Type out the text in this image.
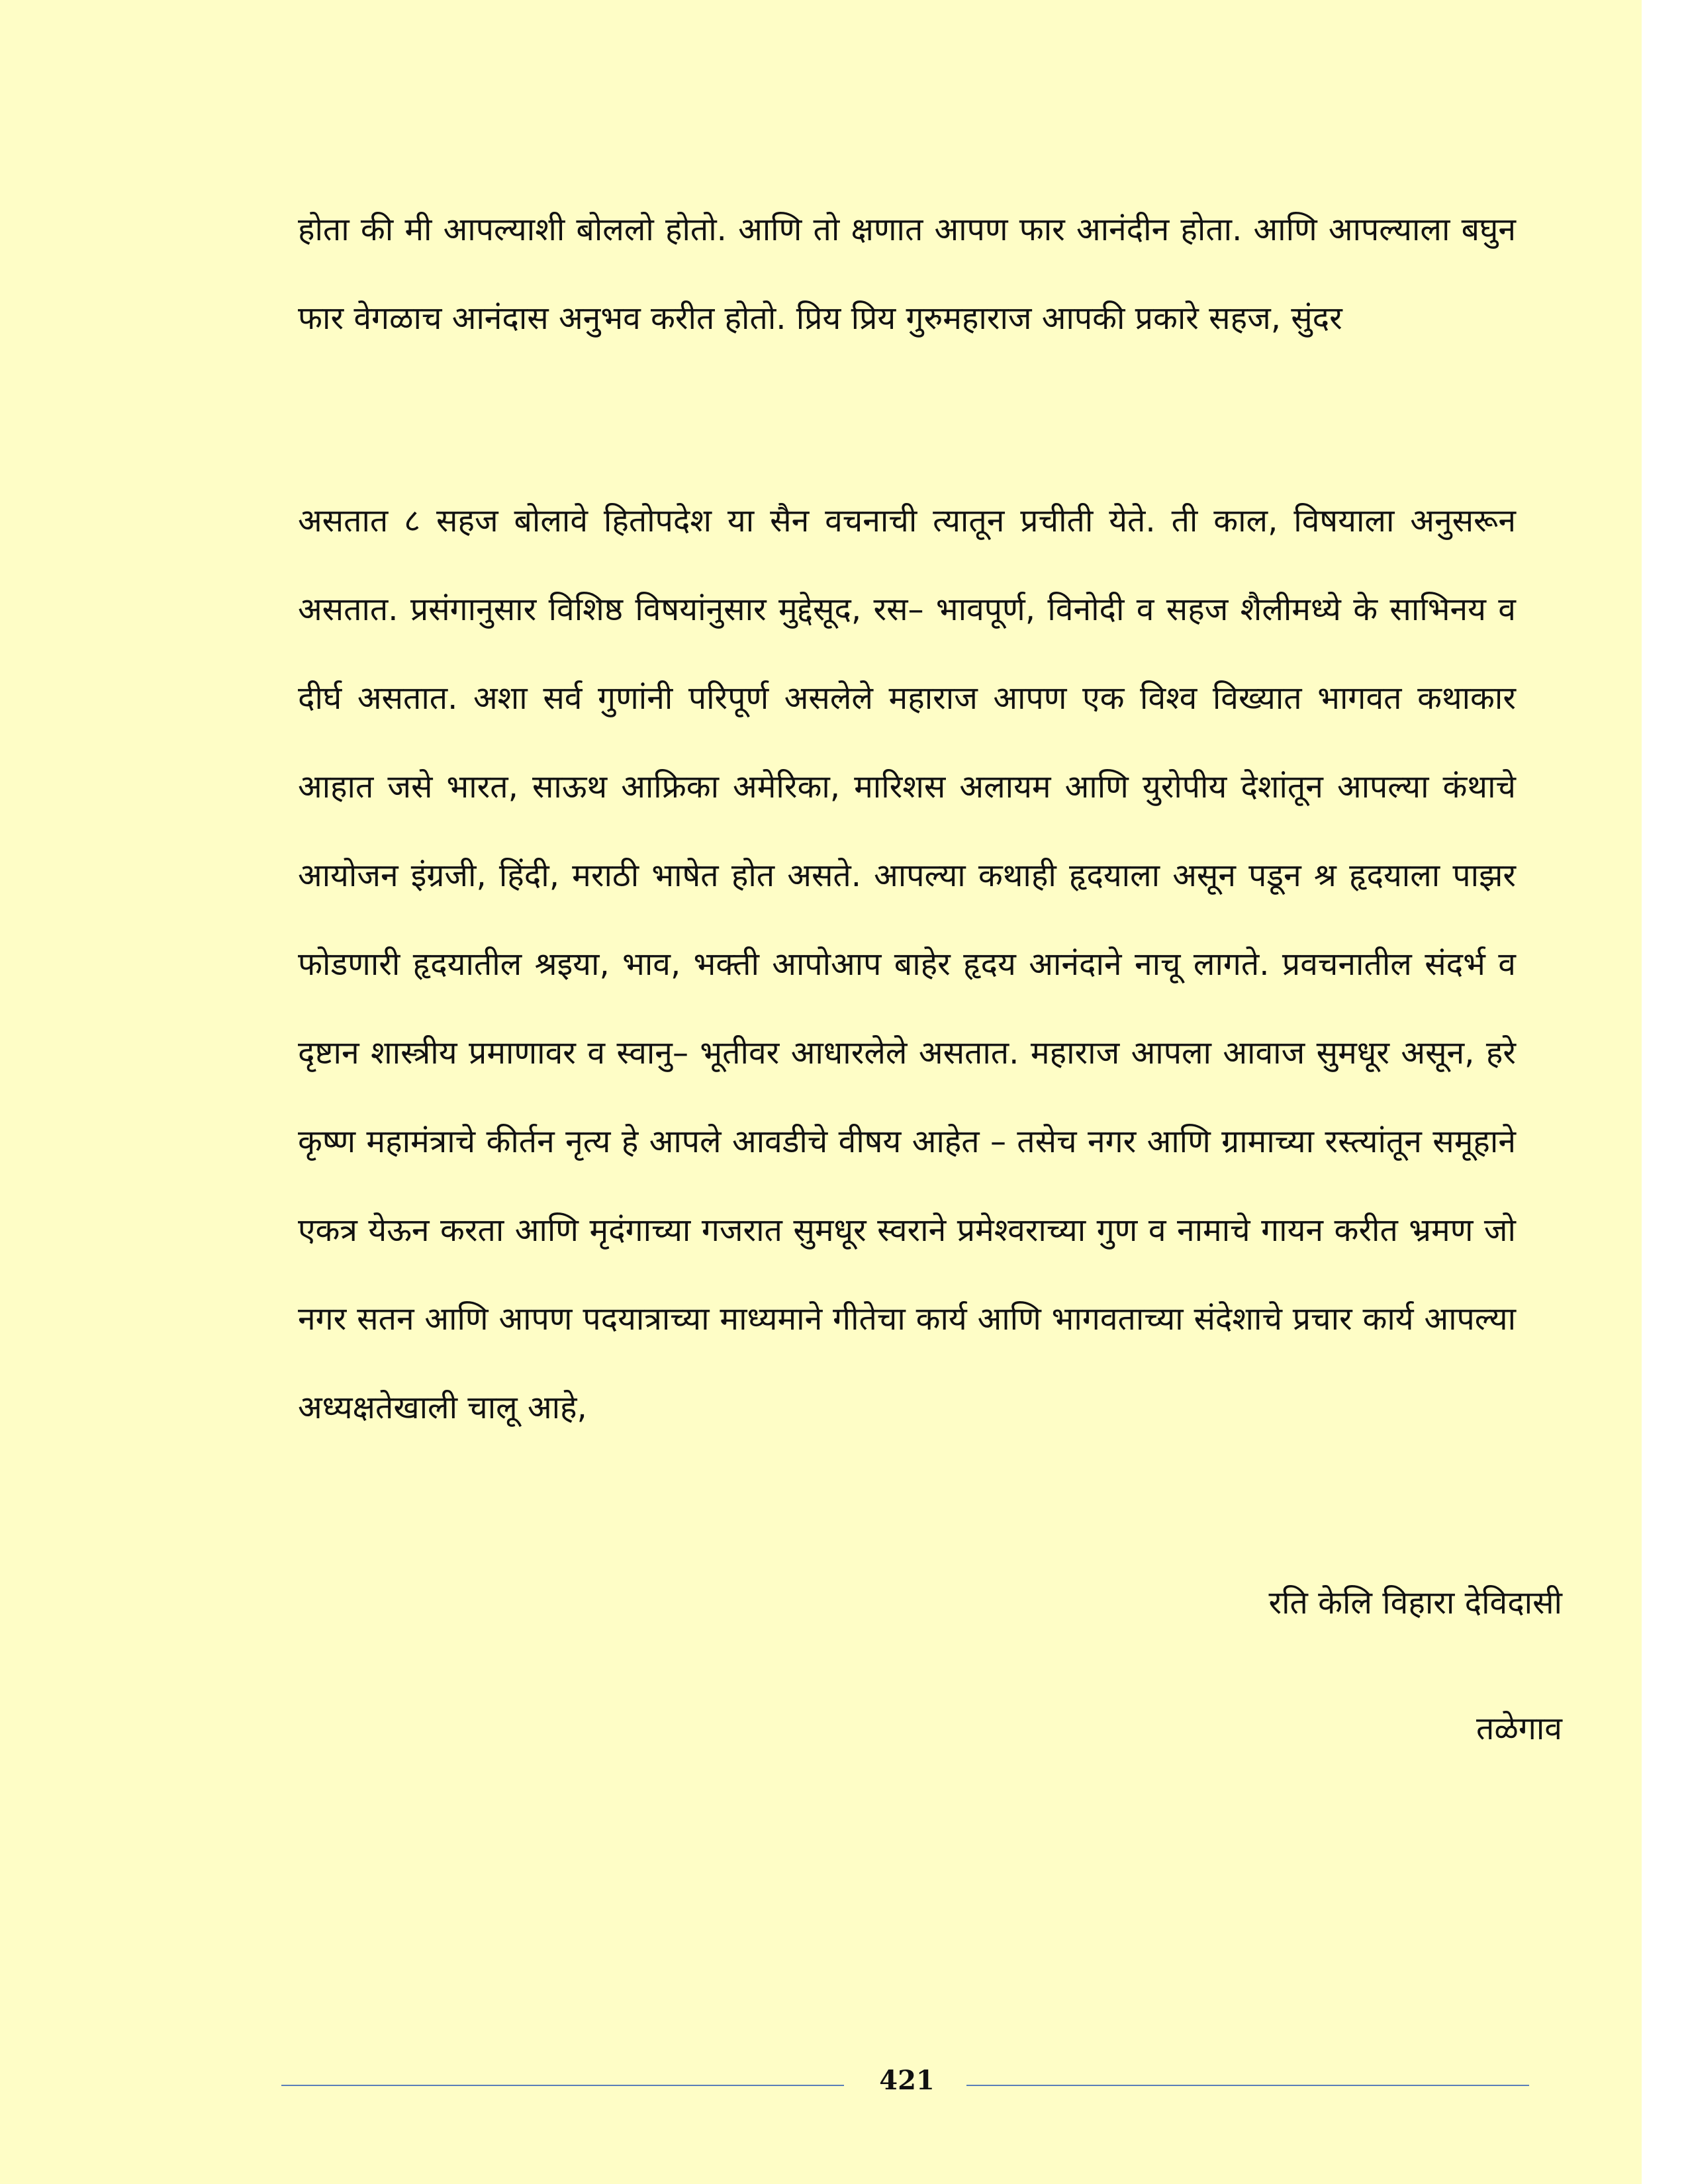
होता की मी आपल्याशी बोललो होतो. आणि तो क्षणात आपण फार आनंदीन होता. आणि आपल्याला बघुन फार वेगळाच आनंदास अनुभव करीत होतो. प्रिय प्रिय गुरुमहाराज आपकी प्रकारे सहज, सुंदर

असतात ८ सहज बोलावे हितोपदेश या सैन वचनाची त्यातून प्रचीती येते. ती काल, विषयाला अनुसरून असतात. प्रसंगानुसार विशिष्ठ विषयांनुसार मुद्देसूद, रस– भावपूर्ण, विनोदी व सहज शैलीमध्ये के साभिनय व दीर्घ असतात. अशा सर्व गुणांनी परिपूर्ण असलेले महाराज आपण एक विश्व विख्यात भागवत कथाकार आहात जसे भारत, साऊथ आफ्रिका अमेरिका, मारिशस अलायम आणि युरोपीय देशांतून आपल्या कंथाचे आयोजन इंग्रजी, हिंदी, मराठी भाषेत होत असते. आपल्या कथाही हृदयाला असून पडून श्र हृदयाला पाझर फोडणारी हृदयातील श्रइया, भाव, भक्ती आपोआप बाहेर हृदय आनंदाने नाचू लागते. प्रवचनातील संदर्भ व दृष्टान शास्त्रीय प्रमाणावर व स्वानु– भूतीवर आधारलेले असतात. महाराज आपला आवाज सुमधूर असून, हरे कृष्ण महामंत्राचे कीर्तन नृत्य हे आपले आवडीचे वीषय आहेत – तसेच नगर आणि ग्रामाच्या रस्त्यांतून समूहाने एकत्र येऊन करता आणि मृदंगाच्या गजरात सुमधूर स्वराने प्रमेश्वराच्या गुण व नामाचे गायन करीत भ्रमण जो नगर सतन आणि आपण पदयात्राच्या माध्यमाने गीतेचा कार्य आणि भागवताच्या संदेशाचे प्रचार कार्य आपल्या अध्यक्षतेखाली चालू आहे,

रति केलि विहारा देविदासी
तळेगाव
421
